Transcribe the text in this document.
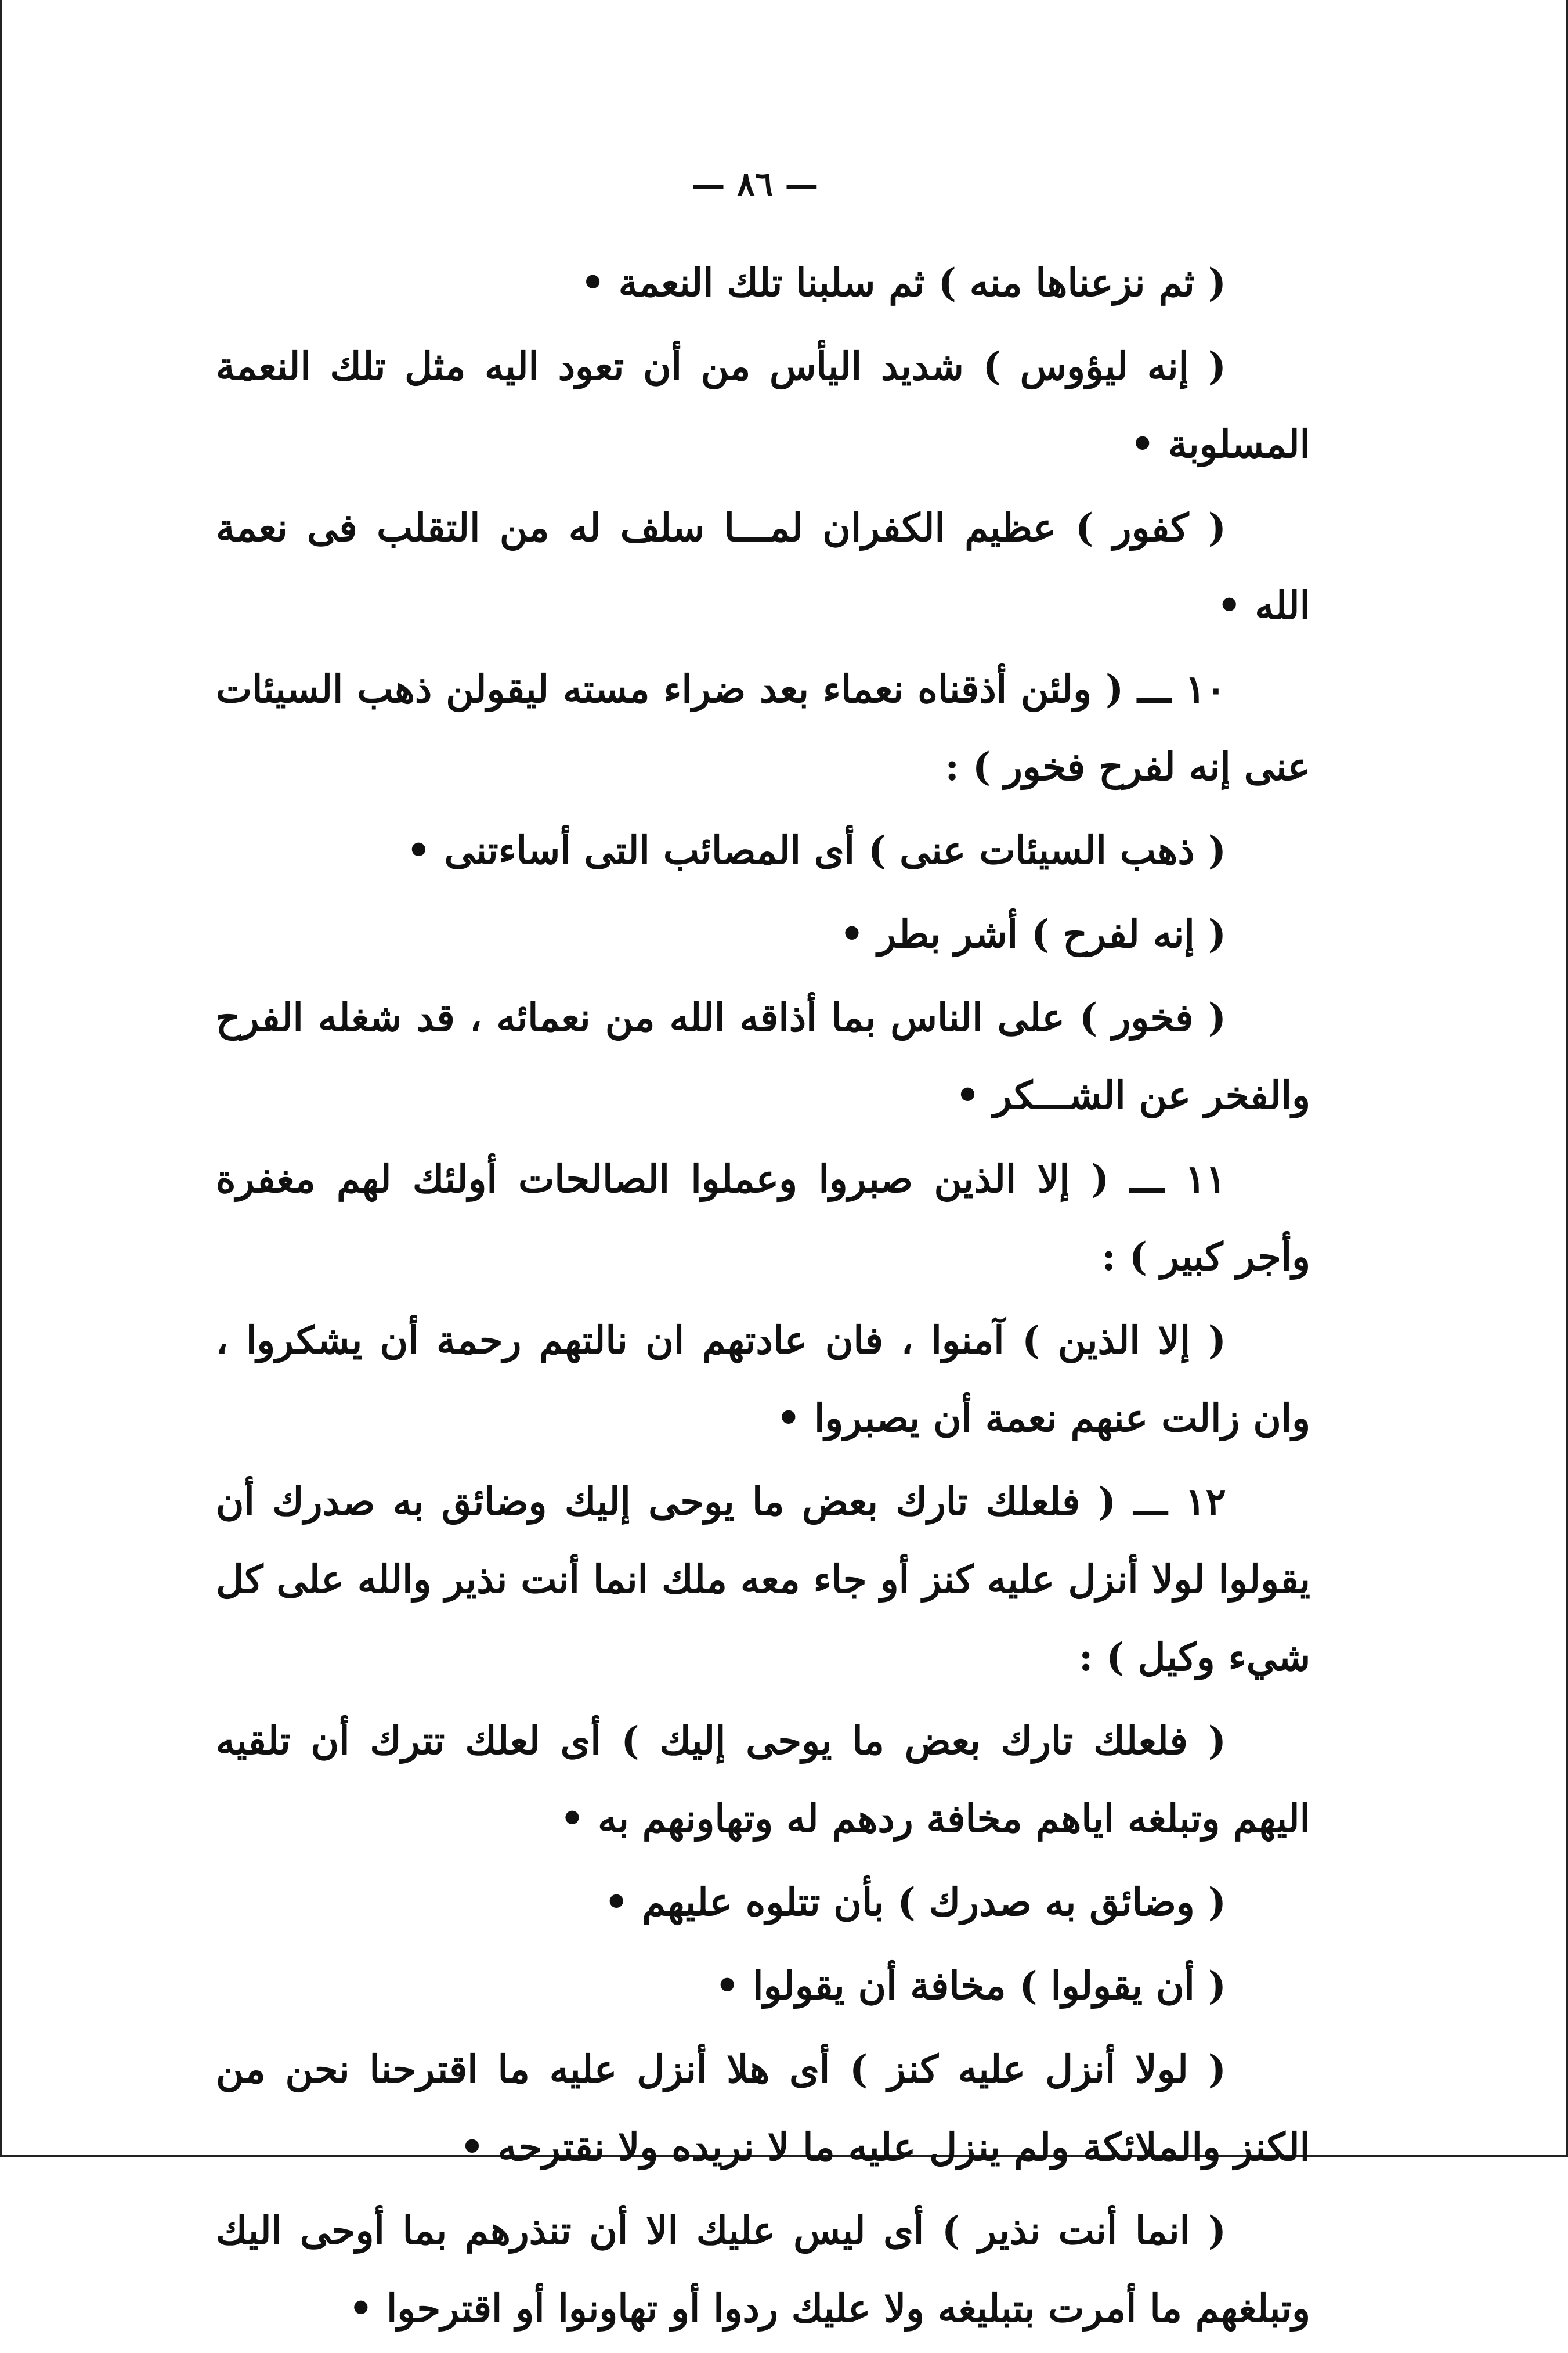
— ٨٦ —

( ثم نزعناها منه ) ثم سلبنا تلك النعمة •

( إنه ليؤوس ) شديد اليأس من أن تعود اليه مثل تلك النعمة المسلوبة •

( كفور ) عظيم الكفران لمـــا سلف له من التقلب فى نعمة الله •

١٠ ـــ ( ولئن أذقناه نعماء بعد ضراء مسته ليقولن ذهب السيئات عنى إنه لفرح فخور ) :

( ذهب السيئات عنى ) أى المصائب التى أساءتنى •

( إنه لفرح ) أشر بطر •

( فخور ) على الناس بما أذاقه الله من نعمائه ، قد شغله الفرح والفخر عن الشـــكر •

١١ ـــ ( إلا الذين صبروا وعملوا الصالحات أولئك لهم مغفرة وأجر كبير ) :

( إلا الذين ) آمنوا ، فان عادتهم ان نالتهم رحمة أن يشكروا ، وان زالت عنهم نعمة أن يصبروا •

١٢ ـــ ( فلعلك تارك بعض ما يوحى إليك وضائق به صدرك أن يقولوا لولا أنزل عليه كنز أو جاء معه ملك انما أنت نذير والله على كل شيء وكيل ) :

( فلعلك تارك بعض ما يوحى إليك ) أى لعلك تترك أن تلقيه اليهم وتبلغه اياهم مخافة ردهم له وتهاونهم به •

( وضائق به صدرك ) بأن تتلوه عليهم •

( أن يقولوا ) مخافة أن يقولوا •

( لولا أنزل عليه كنز ) أى هلا أنزل عليه ما اقترحنا نحن من الكنز والملائكة ولم ينزل عليه ما لا نريده ولا نقترحه •

( انما أنت نذير ) أى ليس عليك الا أن تنذرهم بما أوحى اليك وتبلغهم ما أمرت بتبليغه ولا عليك ردوا أو تهاونوا أو اقترحوا •
